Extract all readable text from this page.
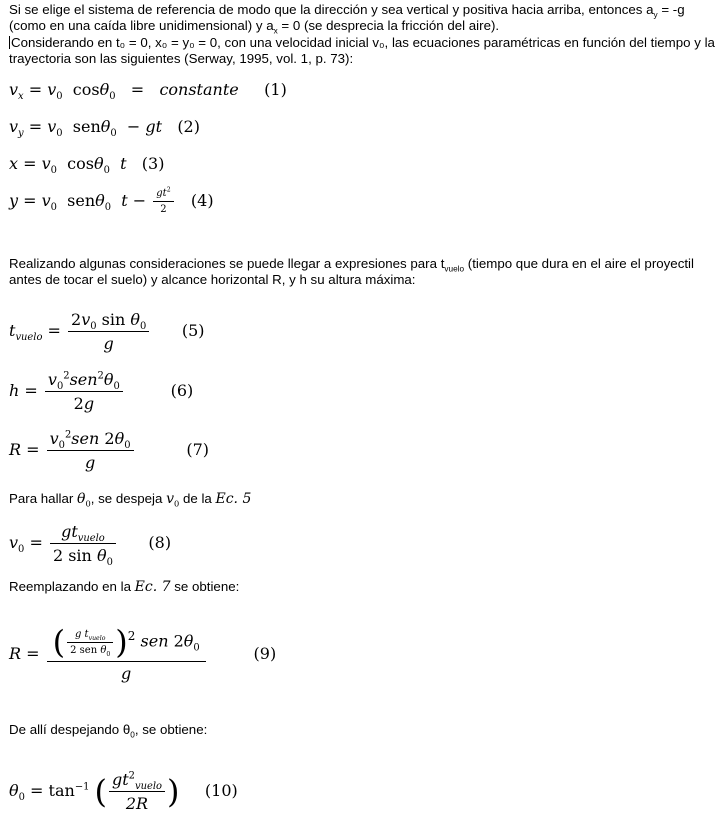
Si se elige el sistema de referencia de modo que la dirección y sea vertical y positiva hacia arriba, entonces $a_y = -g$ (como en una caída libre unidimensional) y $a_x = 0$ (se desprecia la fricción del aire).
Considerando en t₀ = 0, x₀ = y₀ = 0, con una velocidad inicial v₀, las ecuaciones paramétricas en función del tiempo y la trayectoria son las siguientes (Serway, 1995, vol. 1, p. 73):
$v_x = v_0$ cosθ$_0$   =   constante (1)
$v_y = v_0$ senθ$_0$  − gt (2)
$x = v_0$ cosθ$_0$ t (3)
$y = v_0$ senθ$_0$ $t - \frac{gt^2}{2} (4)$
Realizando algunas consideraciones se puede llegar a expresiones para $t_{vuelo}$ (tiempo que dura en el aire el proyectil antes de tocar el suelo) y alcance horizontal R, y h su altura máxima:
$t_{vuelo} = \frac{2v_0 \sin \theta_0}{g} (5)$
$h = \frac{v_0^2sen^2\theta_0}{2g}$	(6)
$R = \frac{v_0^2sen 2\theta_0}{g}$	(7)
Para hallar $\theta_0$, se despeja $v_0$ de la Ec. 5
$v_0 = \frac{gt_{vuelo}}{2 \sin \theta_0} (8)$
Reemplazando en la Ec. 7 se obtiene:
$R = \frac{( \frac{g t_{vuelo}}{2 sen \theta_0} )^2 sen 2\theta_0}{g}$	(9)
De allí despejando $\theta_0$, se obtiene:
$\theta_0 = \tan^{-1}$ ( $\frac{gt^2_{vuelo}}{2R}$ ) (10)
